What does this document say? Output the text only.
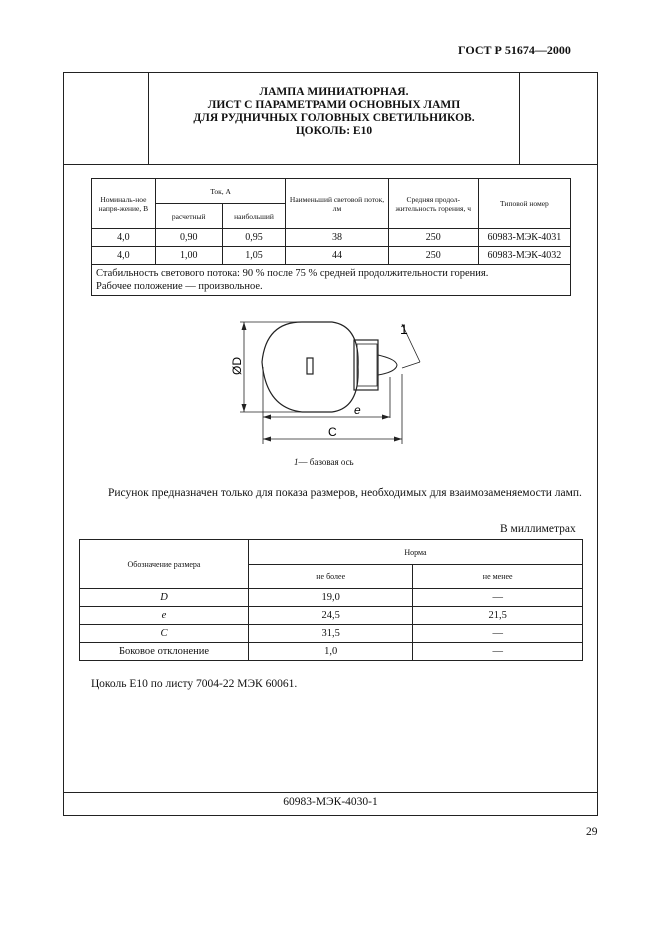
ГОСТ Р 51674—2000
ЛАМПА МИНИАТЮРНАЯ.
ЛИСТ С ПАРАМЕТРАМИ ОСНОВНЫХ ЛАМП
ДЛЯ РУДНИЧНЫХ ГОЛОВНЫХ СВЕТИЛЬНИКОВ.
ЦОКОЛЬ: Е10
Номиналь-ное напря-жение, В	Ток, А		Наименьший световой поток, лм	Средняя продол-жительность горения, ч	Типовой номер
	расчетный	наибольший			
4,0	0,90	0,95	38	250	60983-МЭК-4031
4,0	1,00	1,05	44	250	60983-МЭК-4032

Стабильность светового потока: 90 % после 75 % средней продолжительности горения.
Рабочее положение — произвольное.					
ØD
e
C
1
1— базовая ось
Рисунок предназначен только для показа размеров, необходимых для взаимозаменяемости ламп.
В миллиметрах
Обозначение размера	Норма	
	не более	не менее
D	19,0	—
e	24,5	21,5
C	31,5	—
Боковое отклонение	1,0	—
Цоколь Е10 по листу 7004-22 МЭК 60061.
60983-МЭК-4030-1
29
